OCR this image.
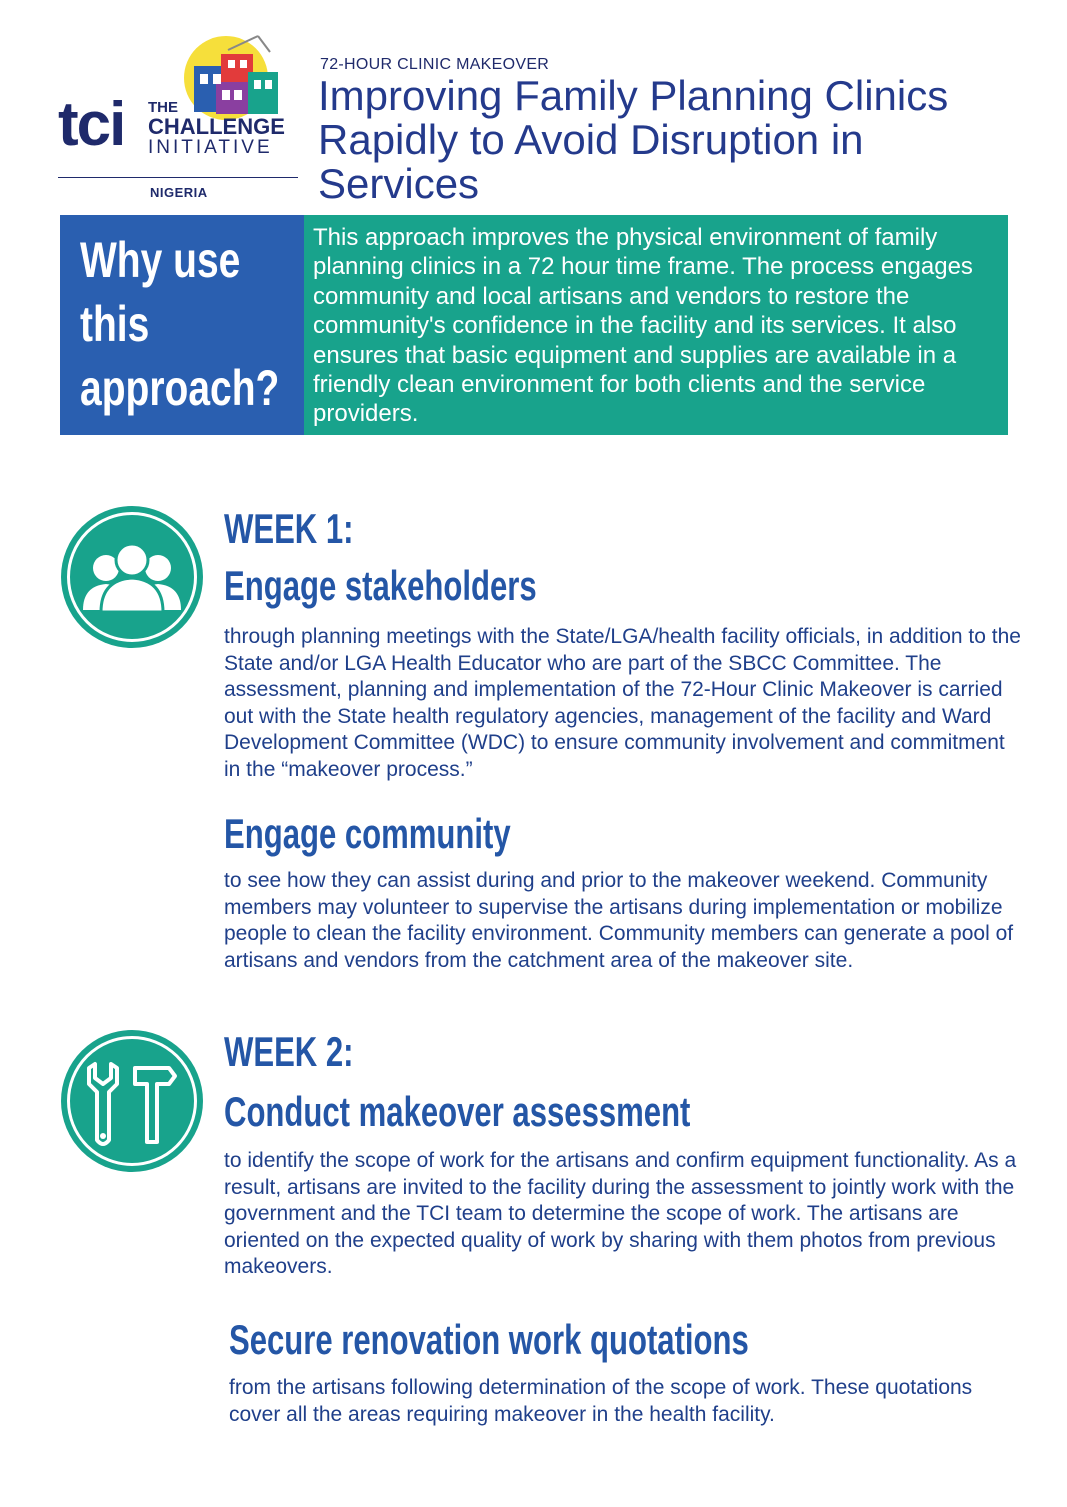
tci THE
CHALLENGE
INITIATIVE
NIGERIA
72-HOUR CLINIC MAKEOVER
Improving Family Planning Clinics Rapidly to Avoid Disruption in Services
Why use this approach?
This approach improves the physical environment of family planning clinics in a 72 hour time frame. The process engages community and local artisans and vendors to restore the community's confidence in the facility and its services. It also ensures that basic equipment and supplies are available in a friendly clean environment for both clients and the service providers.
WEEK 1:
Engage stakeholders
through planning meetings with the State/LGA/health facility officials, in addition to the State and/or LGA Health Educator who are part of the SBCC Committee. The assessment, planning and implementation of the 72-Hour Clinic Makeover is carried out with the State health regulatory agencies, management of the facility and Ward Development Committee (WDC) to ensure community involvement and commitment in the “makeover process.”
Engage community
to see how they can assist during and prior to the makeover weekend. Community members may volunteer to supervise the artisans during implementation or mobilize people to clean the facility environment. Community members can generate a pool of artisans and vendors from the catchment area of the makeover site.
WEEK 2:
Conduct makeover assessment
to identify the scope of work for the artisans and confirm equipment functionality. As a result, artisans are invited to the facility during the assessment to jointly work with the government and the TCI team to determine the scope of work. The artisans are oriented on the expected quality of work by sharing with them photos from previous makeovers.
Secure renovation work quotations
from the artisans following determination of the scope of work. These quotations cover all the areas requiring makeover in the health facility.
